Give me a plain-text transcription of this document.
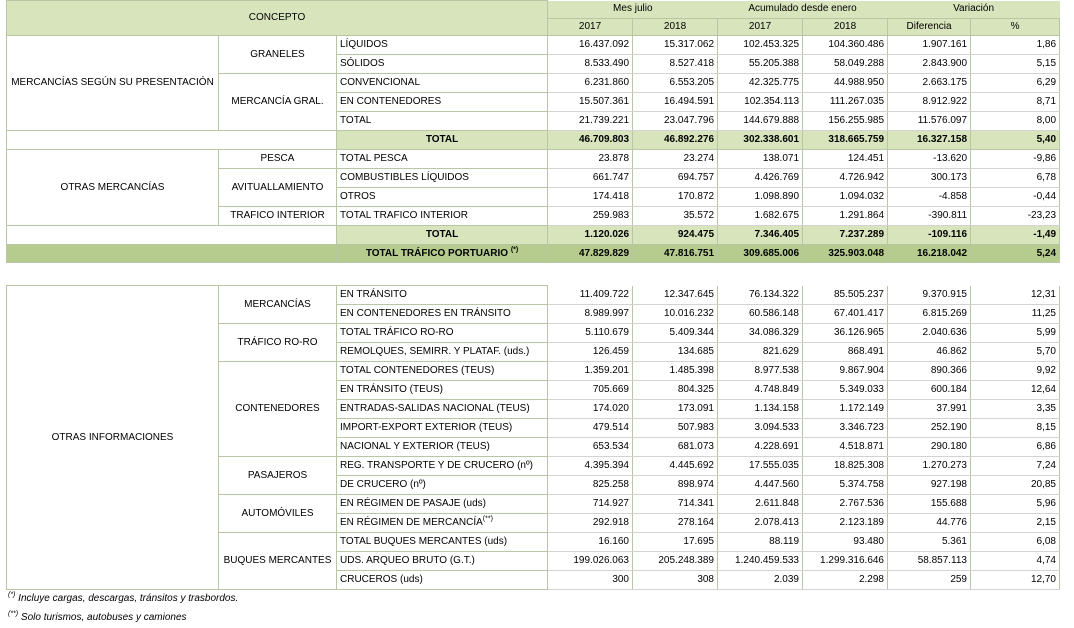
CONCEPTO			Mes julio		Acumulado desde enero		Variación	
			2017	2018	2017	2018	Diferencia	%
MERCANCÍAS SEGÚN SU PRESENTACIÓN	GRANELES	LÍQUIDOS	16.437.092	15.317.062	102.453.325	104.360.486	1.907.161	1,86
		SÓLIDOS	8.533.490	8.527.418	55.205.388	58.049.288	2.843.900	5,15
	MERCANCÍA GRAL.	CONVENCIONAL	6.231.860	6.553.205	42.325.775	44.988.950	2.663.175	6,29
		EN CONTENEDORES	15.507.361	16.494.591	102.354.113	111.267.035	8.912.922	8,71
		TOTAL	21.739.221	23.047.796	144.679.888	156.255.985	11.576.097	8,00
		TOTAL	46.709.803	46.892.276	302.338.601	318.665.759	16.327.158	5,40
OTRAS MERCANCÍAS	PESCA	TOTAL PESCA	23.878	23.274	138.071	124.451	-13.620	-9,86
	AVITUALLAMIENTO	COMBUSTIBLES LÍQUIDOS	661.747	694.757	4.426.769	4.726.942	300.173	6,78
		OTROS	174.418	170.872	1.098.890	1.094.032	-4.858	-0,44
	TRAFICO INTERIOR	TOTAL TRAFICO INTERIOR	259.983	35.572	1.682.675	1.291.864	-390.811	-23,23
		TOTAL	1.120.026	924.475	7.346.405	7.237.289	-109.116	-1,49
		TOTAL TRÁFICO PORTUARIO (*)	47.829.829	47.816.751	309.685.006	325.903.048	16.218.042	5,24
OTRAS INFORMACIONES	MERCANCÍAS	EN TRÁNSITO	11.409.722	12.347.645	76.134.322	85.505.237	9.370.915	12,31
		EN CONTENEDORES EN TRÁNSITO	8.989.997	10.016.232	60.586.148	67.401.417	6.815.269	11,25
	TRÁFICO RO-RO	TOTAL TRÁFICO RO-RO	5.110.679	5.409.344	34.086.329	36.126.965	2.040.636	5,99
		REMOLQUES, SEMIRR. Y PLATAF. (uds.)	126.459	134.685	821.629	868.491	46.862	5,70
	CONTENEDORES	TOTAL CONTENEDORES (TEUS)	1.359.201	1.485.398	8.977.538	9.867.904	890.366	9,92
		EN TRÁNSITO (TEUS)	705.669	804.325	4.748.849	5.349.033	600.184	12,64
		ENTRADAS-SALIDAS NACIONAL (TEUS)	174.020	173.091	1.134.158	1.172.149	37.991	3,35
		IMPORT-EXPORT EXTERIOR (TEUS)	479.514	507.983	3.094.533	3.346.723	252.190	8,15
		NACIONAL Y EXTERIOR (TEUS)	653.534	681.073	4.228.691	4.518.871	290.180	6,86
	PASAJEROS	REG. TRANSPORTE Y DE CRUCERO (nº)	4.395.394	4.445.692	17.555.035	18.825.308	1.270.273	7,24
		DE CRUCERO (nº)	825.258	898.974	4.447.560	5.374.758	927.198	20,85
	AUTOMÓVILES	EN RÉGIMEN DE PASAJE (uds)	714.927	714.341	2.611.848	2.767.536	155.688	5,96
		EN RÉGIMEN DE MERCANCÍA(**)	292.918	278.164	2.078.413	2.123.189	44.776	2,15
	BUQUES MERCANTES	TOTAL BUQUES MERCANTES (uds)	16.160	17.695	88.119	93.480	5.361	6,08
		UDS. ARQUEO BRUTO (G.T.)	199.026.063	205.248.389	1.240.459.533	1.299.316.646	58.857.113	4,74
		CRUCEROS (uds)	300	308	2.039	2.298	259	12,70
(*) Incluye cargas, descargas, tránsitos y trasbordos.
(**) Solo turismos, autobuses y camiones
